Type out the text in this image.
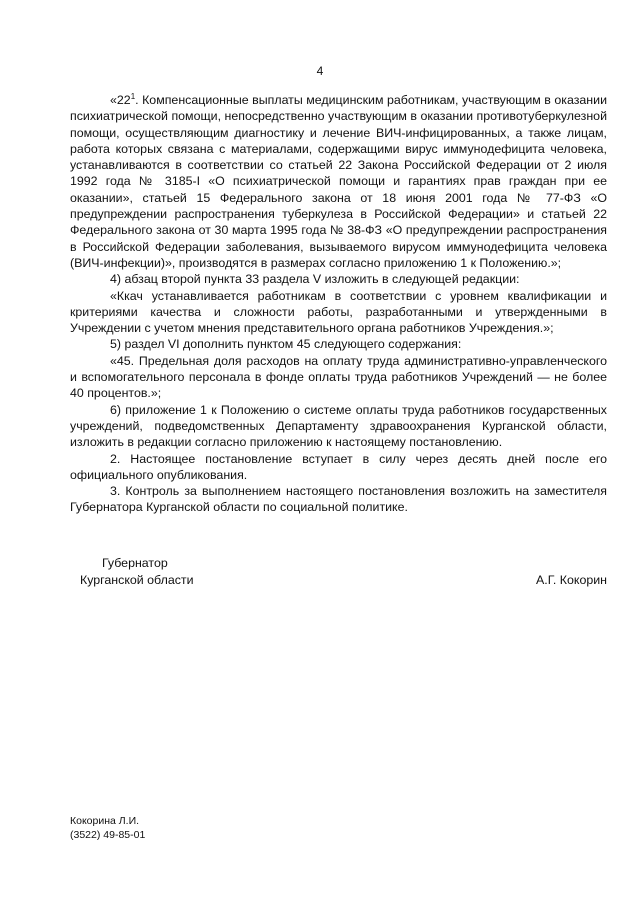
4

«$22^1$. Компенсационные выплаты медицинским работникам, участвующим в оказании психиатрической помощи, непосредственно участвующим в оказании противотуберкулезной помощи, осуществляющим диагностику и лечение ВИЧ-инфицированных, а также лицам, работа которых связана с материалами, содержащими вирус иммунодефицита человека, устанавливаются в соответствии со статьей 22 Закона Российской Федерации от 2 июля 1992 года № 3185-I «О психиатрической помощи и гарантиях прав граждан при ее оказании», статьей 15 Федерального закона от 18 июня 2001 года № 77-ФЗ «О предупреждении распространения туберкулеза в Российской Федерации» и статьей 22 Федерального закона от 30 марта 1995 года № 38-ФЗ «О предупреждении распространения в Российской Федерации заболевания, вызываемого вирусом иммунодефицита человека (ВИЧ-инфекции)», производятся в размерах согласно приложению 1 к Положению.»;

4) абзац второй пункта 33 раздела V изложить в следующей редакции:

«Ккач устанавливается работникам в соответствии с уровнем квалификации и критериями качества и сложности работы, разработанными и утвержденными в Учреждении с учетом мнения представительного органа работников Учреждения.»;

5) раздел VI дополнить пунктом 45 следующего содержания:

«45. Предельная доля расходов на оплату труда административно-управленческого и вспомогательного персонала в фонде оплаты труда работников Учреждений — не более 40 процентов.»;

6) приложение 1 к Положению о системе оплаты труда работников государственных учреждений, подведомственных Департаменту здравоохранения Курганской области, изложить в редакции согласно приложению к настоящему постановлению.

2. Настоящее постановление вступает в силу через десять дней после его официального опубликования.

3. Контроль за выполнением настоящего постановления возложить на заместителя Губернатора Курганской области по социальной политике.

Губернатор
Курганской области	А.Г. Кокорин
Кокорина Л.И.
(3522) 49-85-01
